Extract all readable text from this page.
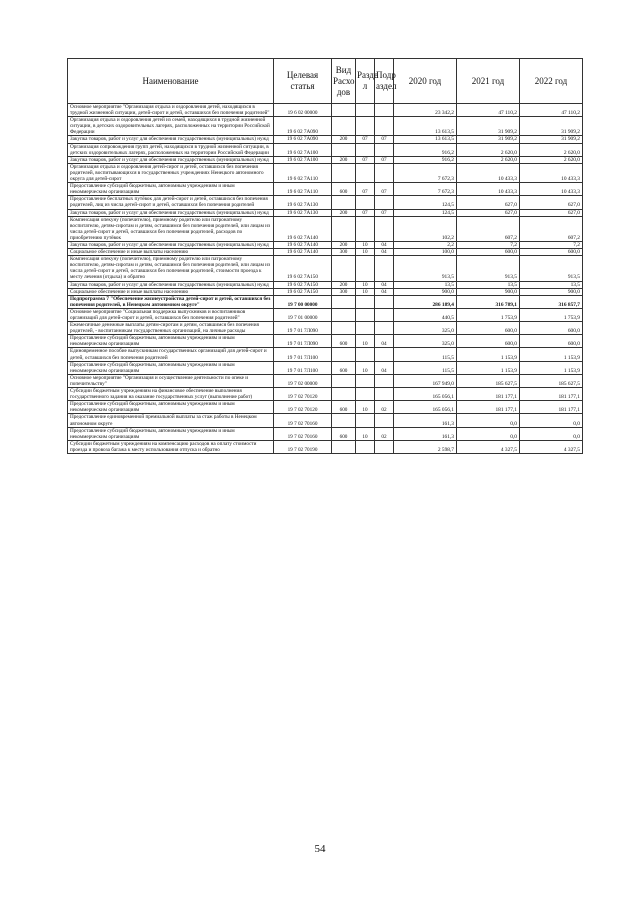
Наименование	Целевая статья	Вид Расхо дов	Разде л	Подр аздел	2020 год	2021 год	2022 год
Основное мероприятие "Организация отдыха и оздоровления детей, находящихся в трудной жизненной ситуации, детей-сирот и детей, оставшихся без попечения родителей"	19 6 02 00000				23 342,2	47 110,2	47 110,2
Организация отдыха и оздоровления детей из семей, находящихся в трудной жизненной ситуации, в детских оздоровительных лагерях, расположенных на территории Российской Федерации	19 6 02 7А090				13 613,5	31 909,2	31 909,2
Закупка товаров, работ и услуг для обеспечения государственных (муниципальных) нужд	19 6 02 7А090	200	07	07	13 613,5	31 909,2	31 909,2
Организация сопровождения групп детей, находящихся в трудной жизненной ситуации, в детских оздоровительных лагерях, расположенных на территории Российской Федерации	19 6 02 7А100				916,2	2 620,0	2 620,0
Закупка товаров, работ и услуг для обеспечения государственных (муниципальных) нужд	19 6 02 7А100	200	07	07	916,2	2 620,0	2 620,0
Организация отдыха и оздоровления детей-сирот и детей, оставшихся без попечения родителей, воспитывающихся в государственных учреждениях Ненецкого автономного округа для детей-сирот	19 6 02 7А110				7 672,3	10 433,3	10 433,3
Предоставление субсидий бюджетным, автономным учреждениям и иным некоммерческим организациям	19 6 02 7А110	600	07	07	7 672,3	10 433,3	10 433,3
Предоставление бесплатных путёвок для детей-сирот и детей, оставшихся без попечения родителей, лиц из числа детей-сирот и детей, оставшихся без попечения родителей	19 6 02 7А130				124,5	627,0	627,0
Закупка товаров, работ и услуг для обеспечения государственных (муниципальных) нужд	19 6 02 7А130	200	07	07	124,5	627,0	627,0
Компенсация опекуну (попечителю), приемному родителю или патронатному воспитателю, детям-сиротам и детям, оставшимся без попечения родителей, или лицам из числа детей-сирот и детей, оставшихся без попечения родителей, расходов по приобретению путёвок	19 6 02 7А140				102,2	607,2	607,2
Закупка товаров, работ и услуг для обеспечения государственных (муниципальных) нужд	19 6 02 7А140	200	10	04	2,2	7,2	7,2
Социальное обеспечение и иные выплаты населению	19 6 02 7А140	300	10	04	100,0	600,0	600,0
Компенсация опекуну (попечителю), приемному родителю или патронатному воспитателю, детям-сиротам и детям, оставшимся без попечения родителей, или лицам из числа детей-сирот и детей, оставшихся без попечения родителей, стоимости проезда к месту лечения (отдыха) и обратно	19 6 02 7А150				913,5	913,5	913,5
Закупка товаров, работ и услуг для обеспечения государственных (муниципальных) нужд	19 6 02 7А150	200	10	04	13,5	13,5	13,5
Социальное обеспечение и иные выплаты населению	19 6 02 7А150	300	10	04	900,0	900,0	900,0
Подпрограмма 7 "Обеспечение жизнеустройства детей-сирот и детей, оставшихся без попечения родителей, в Ненецком автономном округе"	19 7 00 00000				286 189,4	316 789,1	316 857,7
Основное мероприятие "Социальная поддержка выпускников и воспитанников организаций для детей-сирот и детей, оставшихся без попечения родителей"	19 7 01 00000				440,5	1 753,9	1 753,9
Ежемесячные денежные выплаты детям-сиротам и детям, оставшимся без попечения родителей, - воспитанникам государственных организаций, на личные расходы	19 7 01 7Л090				325,0	600,0	600,0
Предоставление субсидий бюджетным, автономным учреждениям и иным некоммерческим организациям	19 7 01 7Л090	600	10	04	325,0	600,0	600,0
Единовременное пособие выпускникам государственных организаций для детей-сирот и детей, оставшихся без попечения родителей	19 7 01 7Л100				115,5	1 153,9	1 153,9
Предоставление субсидий бюджетным, автономным учреждениям и иным некоммерческим организациям	19 7 01 7Л100	600	10	04	115,5	1 153,9	1 153,9
Основное мероприятие "Организация и осуществление деятельности по опеке и попечительству"	19 7 02 00000				167 949,0	185 627,5	185 627,5
Субсидии бюджетным учреждениям на финансовое обеспечение выполнения государственного задания на оказание государственных услуг (выполнение работ)	19 7 02 70120				165 056,1	181 177,1	181 177,1
Предоставление субсидий бюджетным, автономным учреждениям и иным некоммерческим организациям	19 7 02 70120	600	10	02	165 056,1	181 177,1	181 177,1
Предоставление единовременной премиальной выплаты за стаж работы в Ненецком автономном округе	19 7 02 70160				161,3	0,0	0,0
Предоставление субсидий бюджетным, автономным учреждениям и иным некоммерческим организациям	19 7 02 70160	600	10	02	161,3	0,0	0,0
Субсидии бюджетным учреждениям на компенсацию расходов на оплату стоимости проезда и провоза багажа к месту использования отпуска и обратно	19 7 02 70190				2 598,7	4 327,5	4 327,5
54
